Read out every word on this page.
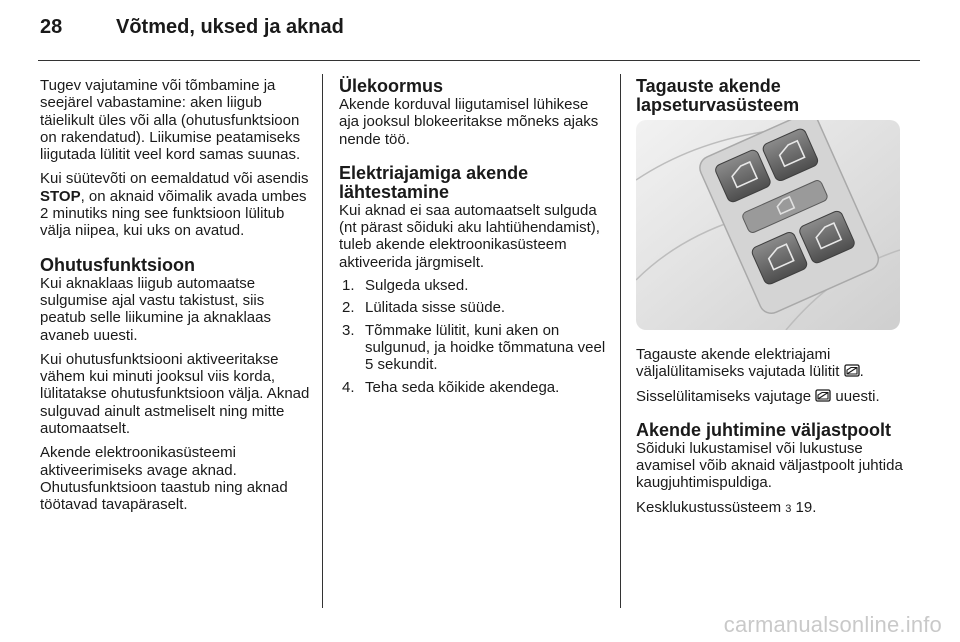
28	Võtmed, uksed ja aknad

Tugev vajutamine või tõmbamine ja seejärel vabastamine: aken liigub täielikult üles või alla (ohutusfunktsioon on rakendatud). Liikumise peatamiseks liigutada lülitit veel kord samas suunas.

Kui süütevõti on eemaldatud või asendis STOP, on aknaid võimalik avada umbes 2 minutiks ning see funktsioon lülitub välja niipea, kui uks on avatud.

Ohutusfunktsioon

Kui aknaklaas liigub automaatse sulgumise ajal vastu takistust, siis peatub selle liikumine ja aknaklaas avaneb uuesti.

Kui ohutusfunktsiooni aktiveeritakse vähem kui minuti jooksul viis korda, lülitatakse ohutusfunktsioon välja. Aknad sulguvad ainult astmeliselt ning mitte automaatselt.

Akende elektroonikasüsteemi aktiveerimiseks avage aknad. Ohutusfunktsioon taastub ning aknad töötavad tavapäraselt.

Ülekoormus

Akende korduval liigutamisel lühikese aja jooksul blokeeritakse mõneks ajaks nende töö.

Elektriajamiga akende lähtestamine

Kui aknad ei saa automaatselt sulguda (nt pärast sõiduki aku lahtiühendamist), tuleb akende elektroonikasüsteem aktiveerida järgmiselt.

1. Sulgeda uksed.
2. Lülitada sisse süüde.
3. Tõmmake lülitit, kuni aken on sulgunud, ja hoidke tõmmatuna veel 5 sekundit.
4. Teha seda kõikide akendega.
Tagauste akende lapseturvasüsteem

Tagauste akende elektriajami väljalülitamiseks vajutada lülitit .

Sisselülitamiseks vajutage  uuesti.

Akende juhtimine väljastpoolt

Sõiduki lukustamisel või lukustuse avamisel võib aknaid väljastpoolt juhtida kaugjuhtimispuldiga.

Kesklukustussüsteem 3 19.

carmanualsonline.info
